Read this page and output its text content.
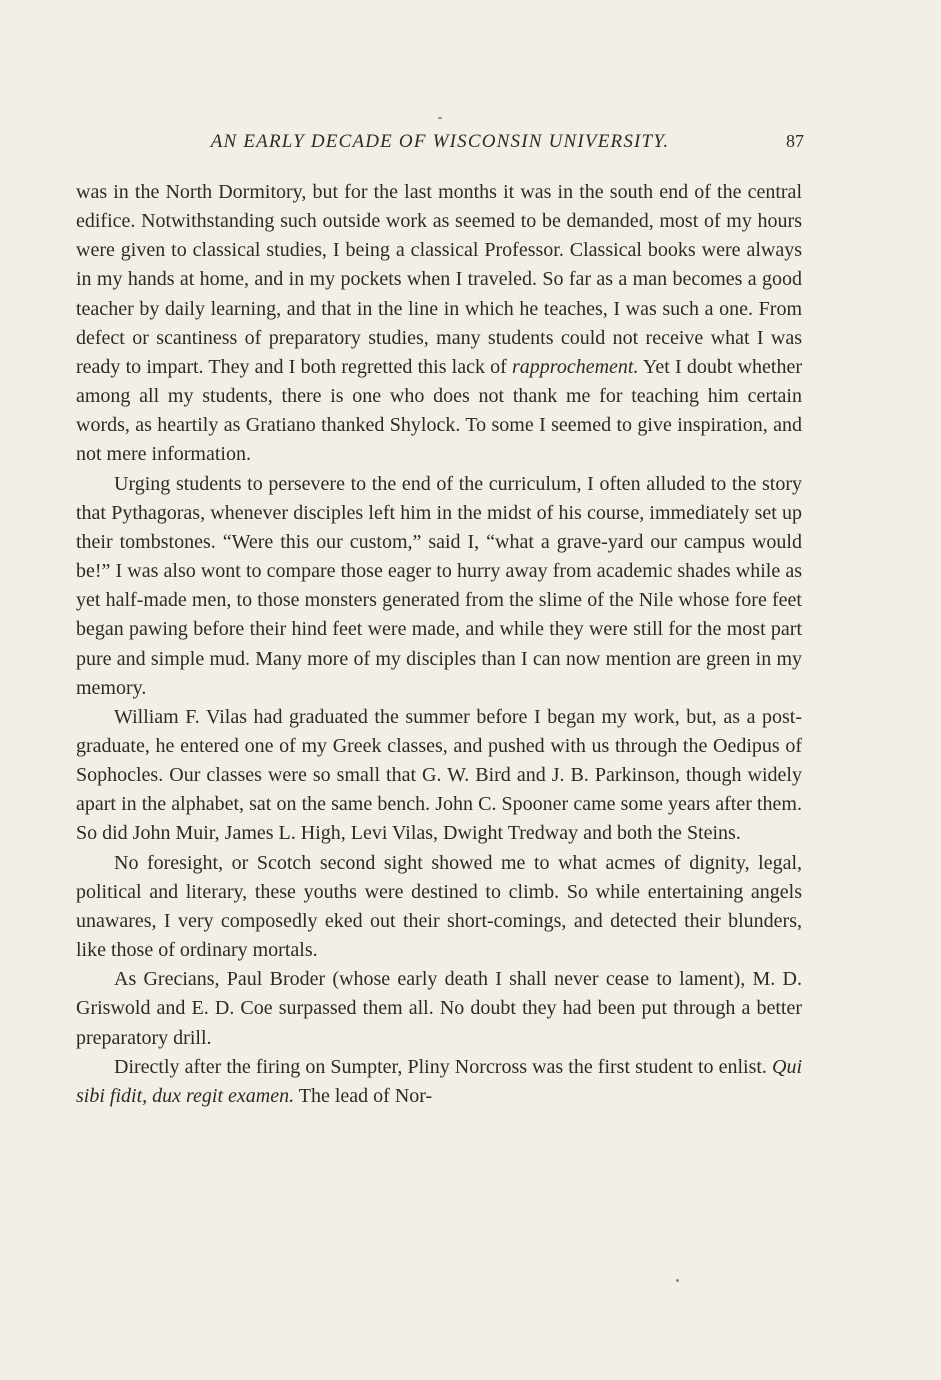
AN EARLY DECADE OF WISCONSIN UNIVERSITY.	87

was in the North Dormitory, but for the last months it was in the south end of the central edifice. Notwithstanding such outside work as seemed to be demanded, most of my hours were given to classical studies, I being a classical Professor. Classical books were always in my hands at home, and in my pockets when I traveled. So far as a man becomes a good teacher by daily learning, and that in the line in which he teaches, I was such a one. From defect or scantiness of preparatory studies, many students could not receive what I was ready to impart. They and I both regretted this lack of rapprochement. Yet I doubt whether among all my students, there is one who does not thank me for teaching him certain words, as heartily as Gratiano thanked Shylock. To some I seemed to give inspiration, and not mere information.

Urging students to persevere to the end of the curriculum, I often alluded to the story that Pythagoras, whenever disciples left him in the midst of his course, immediately set up their tombstones. “Were this our custom,” said I, “what a grave-yard our campus would be!” I was also wont to compare those eager to hurry away from academic shades while as yet half-made men, to those monsters generated from the slime of the Nile whose fore feet began pawing before their hind feet were made, and while they were still for the most part pure and simple mud. Many more of my disciples than I can now mention are green in my memory.

William F. Vilas had graduated the summer before I began my work, but, as a post-graduate, he entered one of my Greek classes, and pushed with us through the Oedipus of Sophocles. Our classes were so small that G. W. Bird and J. B. Parkinson, though widely apart in the alphabet, sat on the same bench. John C. Spooner came some years after them. So did John Muir, James L. High, Levi Vilas, Dwight Tredway and both the Steins.

No foresight, or Scotch second sight showed me to what acmes of dignity, legal, political and literary, these youths were destined to climb. So while entertaining angels unawares, I very composedly eked out their short-comings, and detected their blunders, like those of ordinary mortals.

As Grecians, Paul Broder (whose early death I shall never cease to lament), M. D. Griswold and E. D. Coe surpassed them all. No doubt they had been put through a better preparatory drill.

Directly after the firing on Sumpter, Pliny Norcross was the first student to enlist. Qui sibi fidit, dux regit examen. The lead of Nor-
